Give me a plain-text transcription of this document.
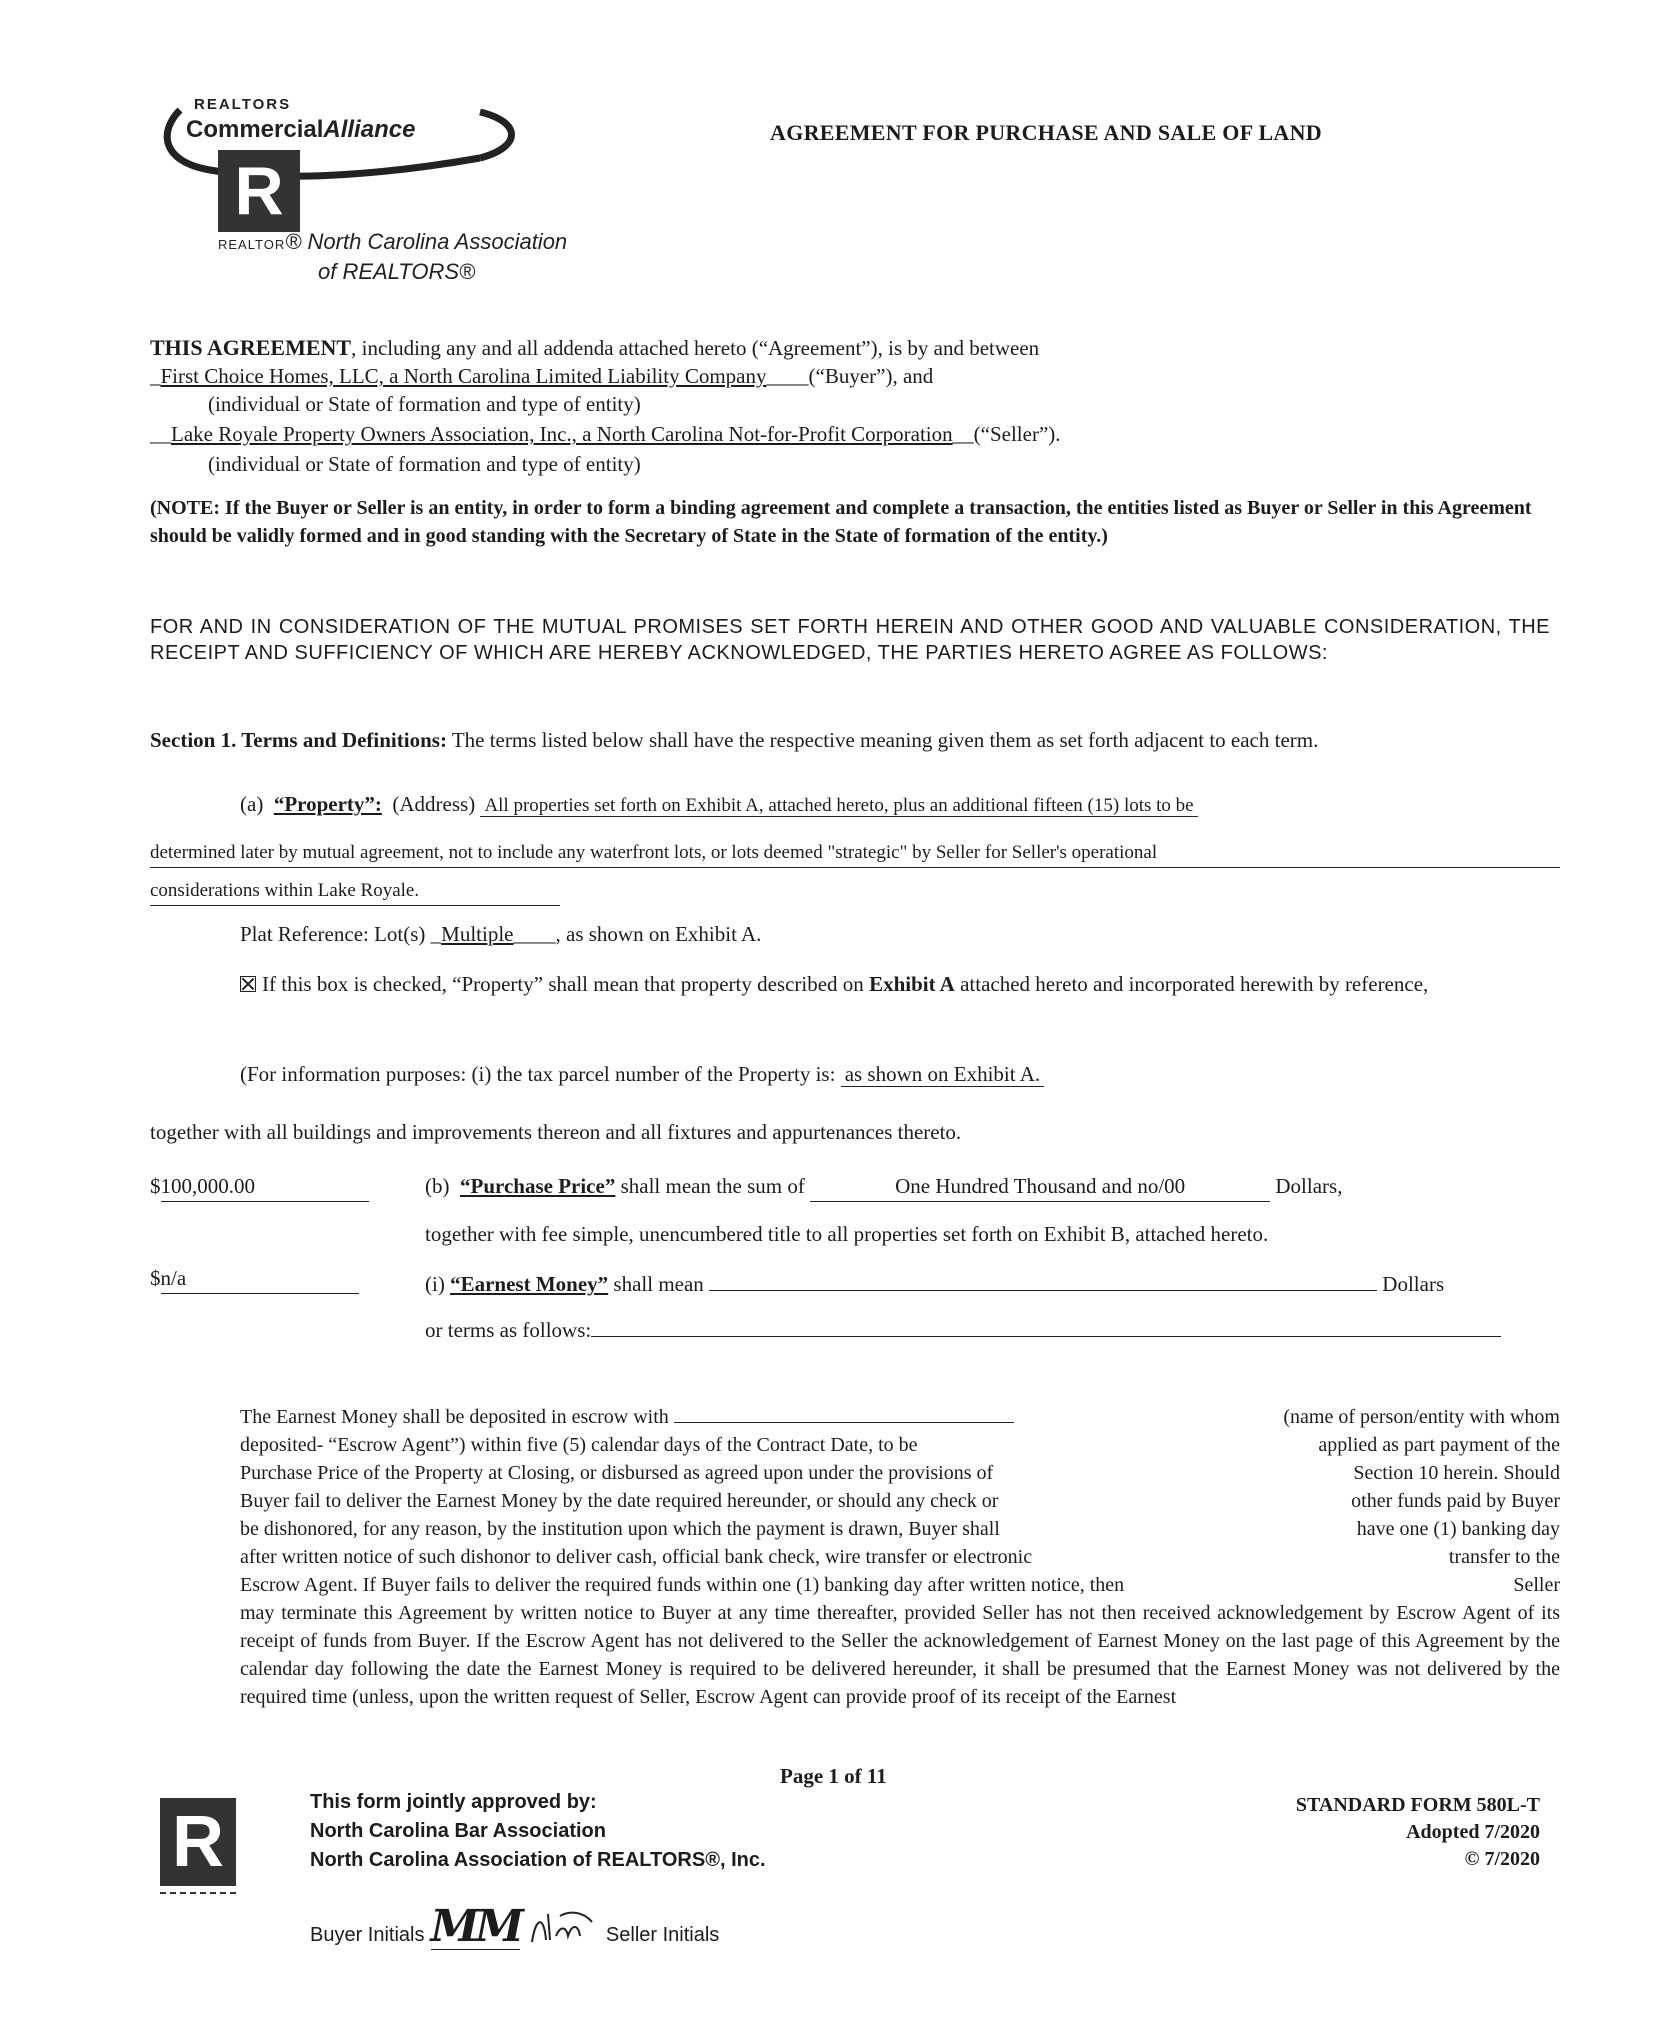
REALTORS
CommercialAlliance
R
REALTOR® North Carolina Association
of REALTORS®
AGREEMENT FOR PURCHASE AND SALE OF LAND
THIS AGREEMENT, including any and all addenda attached hereto (“Agreement”), is by and between
_First Choice Homes, LLC, a North Carolina Limited Liability Company____(“Buyer”), and
(individual or State of formation and type of entity)
__Lake Royale Property Owners Association, Inc., a North Carolina Not-for-Profit Corporation__(“Seller”).
(individual or State of formation and type of entity)
(NOTE: If the Buyer or Seller is an entity, in order to form a binding agreement and complete a transaction, the entities listed as Buyer or Seller in this Agreement should be validly formed and in good standing with the Secretary of State in the State of formation of the entity.)
FOR AND IN CONSIDERATION OF THE MUTUAL PROMISES SET FORTH HEREIN AND OTHER GOOD AND VALUABLE CONSIDERATION, THE RECEIPT AND SUFFICIENCY OF WHICH ARE HEREBY ACKNOWLEDGED, THE PARTIES HERETO AGREE AS FOLLOWS:
Section 1. Terms and Definitions: The terms listed below shall have the respective meaning given them as set forth adjacent to each term.
(a) “Property”: (Address) All properties set forth on Exhibit A, attached hereto, plus an additional fifteen (15) lots to be
determined later by mutual agreement, not to include any waterfront lots, or lots deemed "strategic" by Seller for Seller's operational
considerations within Lake Royale.
Plat Reference: Lot(s) _Multiple____, as shown on Exhibit A.
If this box is checked, “Property” shall mean that property described on Exhibit A attached hereto and incorporated herewith by reference,
(For information purposes: (i) the tax parcel number of the Property is: as shown on Exhibit A.
together with all buildings and improvements thereon and all fixtures and appurtenances thereto.
$100,000.00	(b) “Purchase Price” shall mean the sum of	One Hundred Thousand and no/00	Dollars,
together with fee simple, unencumbered title to all properties set forth on Exhibit B, attached hereto.
$n/a	(i) “Earnest Money” shall mean	Dollars
or terms as follows:
The Earnest Money shall be deposited in escrow with	(name of person/entity with whom
deposited- “Escrow Agent”) within five (5) calendar days of the Contract Date, to be	applied as part payment of the
Purchase Price of the Property at Closing, or disbursed as agreed upon under the provisions of	Section 10 herein. Should
Buyer fail to deliver the Earnest Money by the date required hereunder, or should any check or	other funds paid by Buyer
be dishonored, for any reason, by the institution upon which the payment is drawn, Buyer shall	have one (1) banking day
after written notice of such dishonor to deliver cash, official bank check, wire transfer or electronic	transfer to the
Escrow Agent. If Buyer fails to deliver the required funds within one (1) banking day after written notice, then	Seller
may terminate this Agreement by written notice to Buyer at any time thereafter, provided Seller has not then received acknowledgement by Escrow Agent of its receipt of funds from Buyer. If the Escrow Agent has not delivered to the Seller the acknowledgement of Earnest Money on the last page of this Agreement by the calendar day following the date the Earnest Money is required to be delivered hereunder, it shall be presumed that the Earnest Money was not delivered by the required time (unless, upon the written request of Seller, Escrow Agent can provide proof of its receipt of the Earnest
Page 1 of 11
R	This form jointly approved by:
North Carolina Bar Association
North Carolina Association of REALTORS®, Inc.
STANDARD FORM 580L-T
Adopted 7/2020
© 7/2020
Buyer Initials MM	Seller Initials
